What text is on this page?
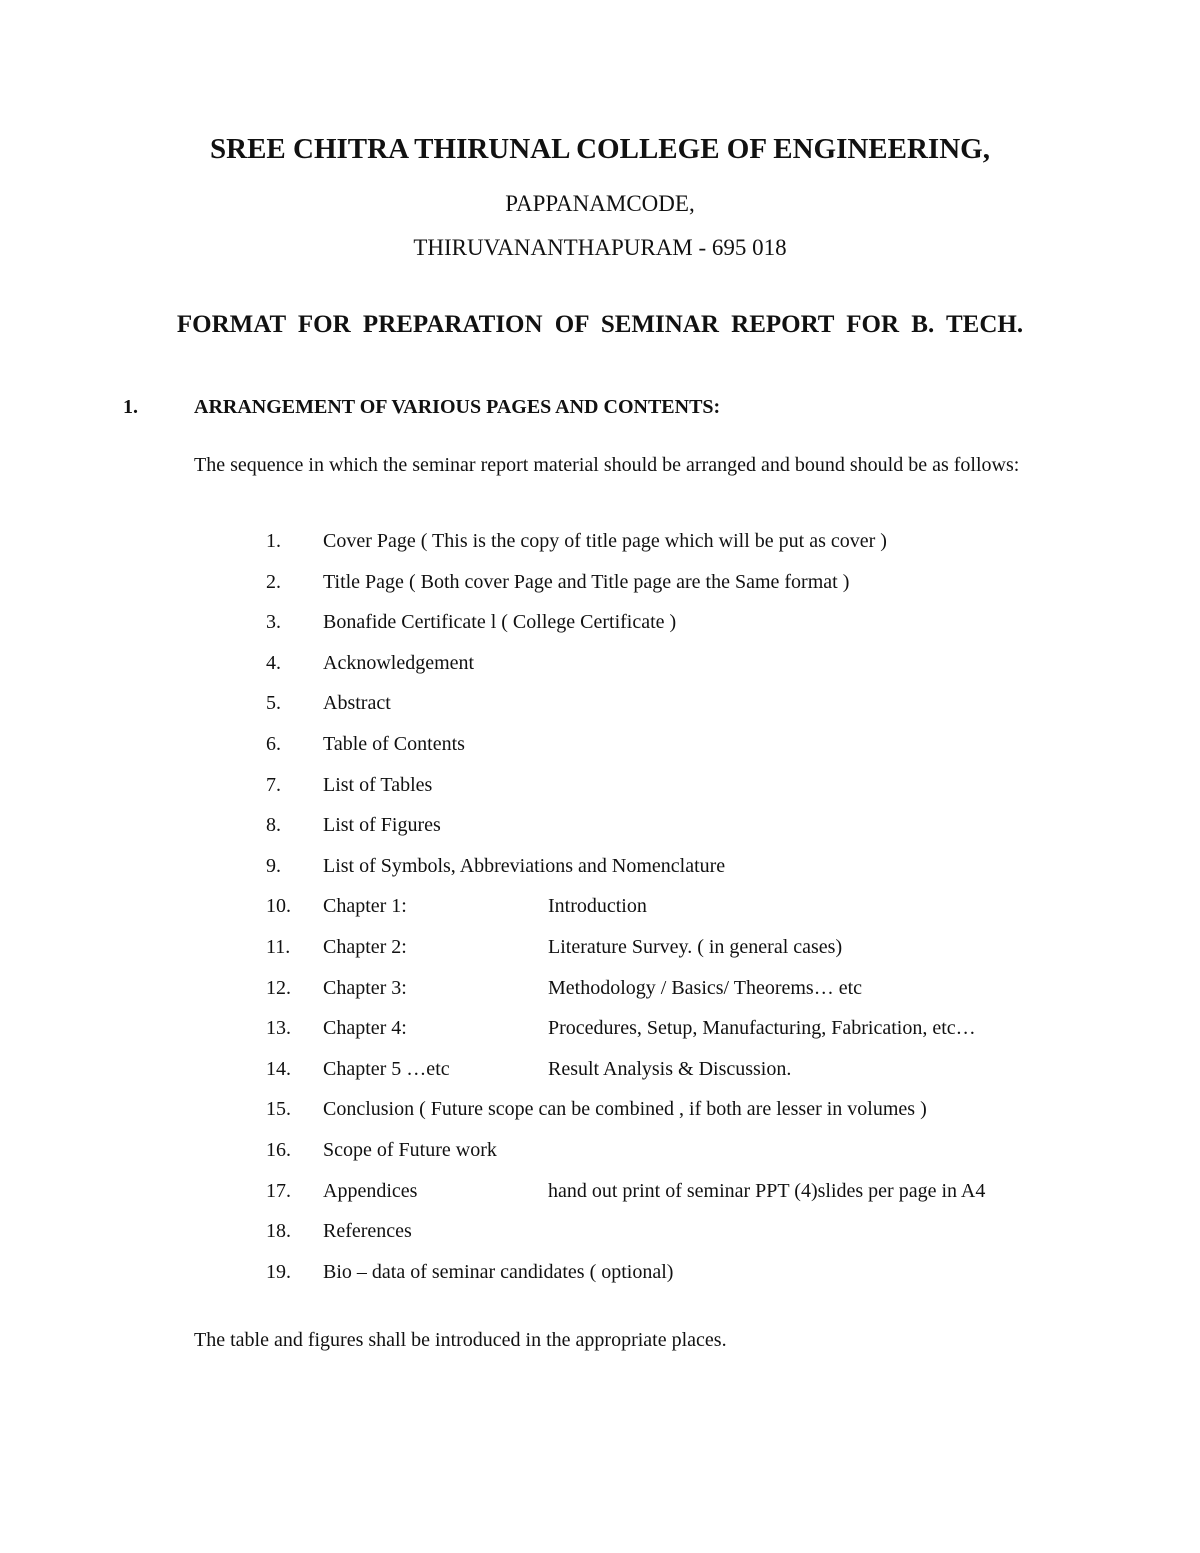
SREE CHITRA THIRUNAL COLLEGE OF ENGINEERING,
PAPPANAMCODE,
THIRUVANANTHAPURAM - 695 018
FORMAT FOR PREPARATION OF SEMINAR REPORT FOR B. TECH.
1.	ARRANGEMENT OF VARIOUS PAGES AND CONTENTS:
The sequence in which the seminar report material should be arranged and bound should be as follows:
1. Cover Page ( This is the copy of title page which will be put as cover )
2. Title Page ( Both cover Page and Title page are the Same format )
3. Bonafide Certificate l ( College Certificate )
4. Acknowledgement
5. Abstract
6. Table of Contents
7. List of Tables
8. List of Figures
9. List of Symbols, Abbreviations and Nomenclature
10. Chapter 1:	Introduction
11. Chapter 2:	Literature Survey. ( in general cases)
12. Chapter 3:	Methodology / Basics/ Theorems… etc
13. Chapter 4:	Procedures, Setup, Manufacturing, Fabrication, etc…
14. Chapter 5 …etc	Result Analysis & Discussion.
15. Conclusion ( Future scope can be combined , if both are lesser in volumes )
16. Scope of Future work
17. Appendices	hand out print of seminar PPT (4)slides per page in A4
18. References
19. Bio – data of seminar candidates ( optional)
The table and figures shall be introduced in the appropriate places.
